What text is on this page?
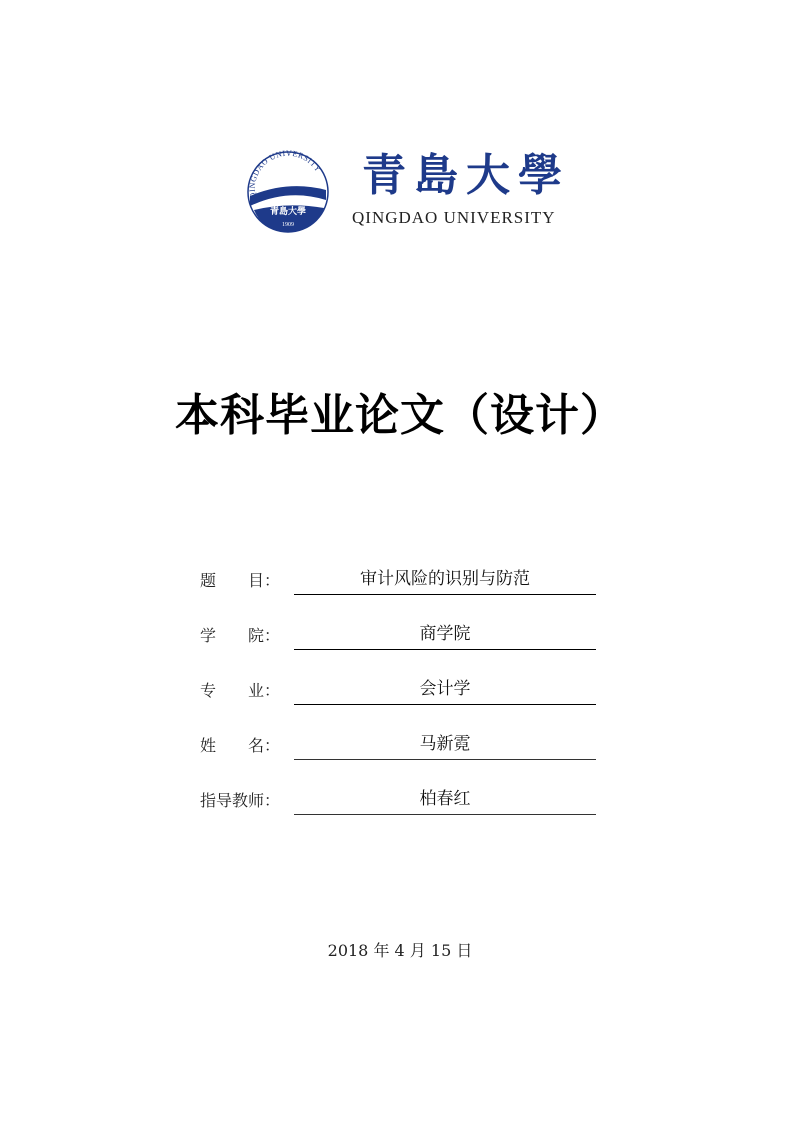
QINGDAO UNIVERSITY
青島大學
1909
青島大學
QINGDAO UNIVERSITY
本科毕业论文（设计）
题　　目：	审计风险的识别与防范
学　　院：	商学院
专　　业：	会计学
姓　　名：	马新霓
指导教师：	柏春红
2018 年 4 月 15 日
